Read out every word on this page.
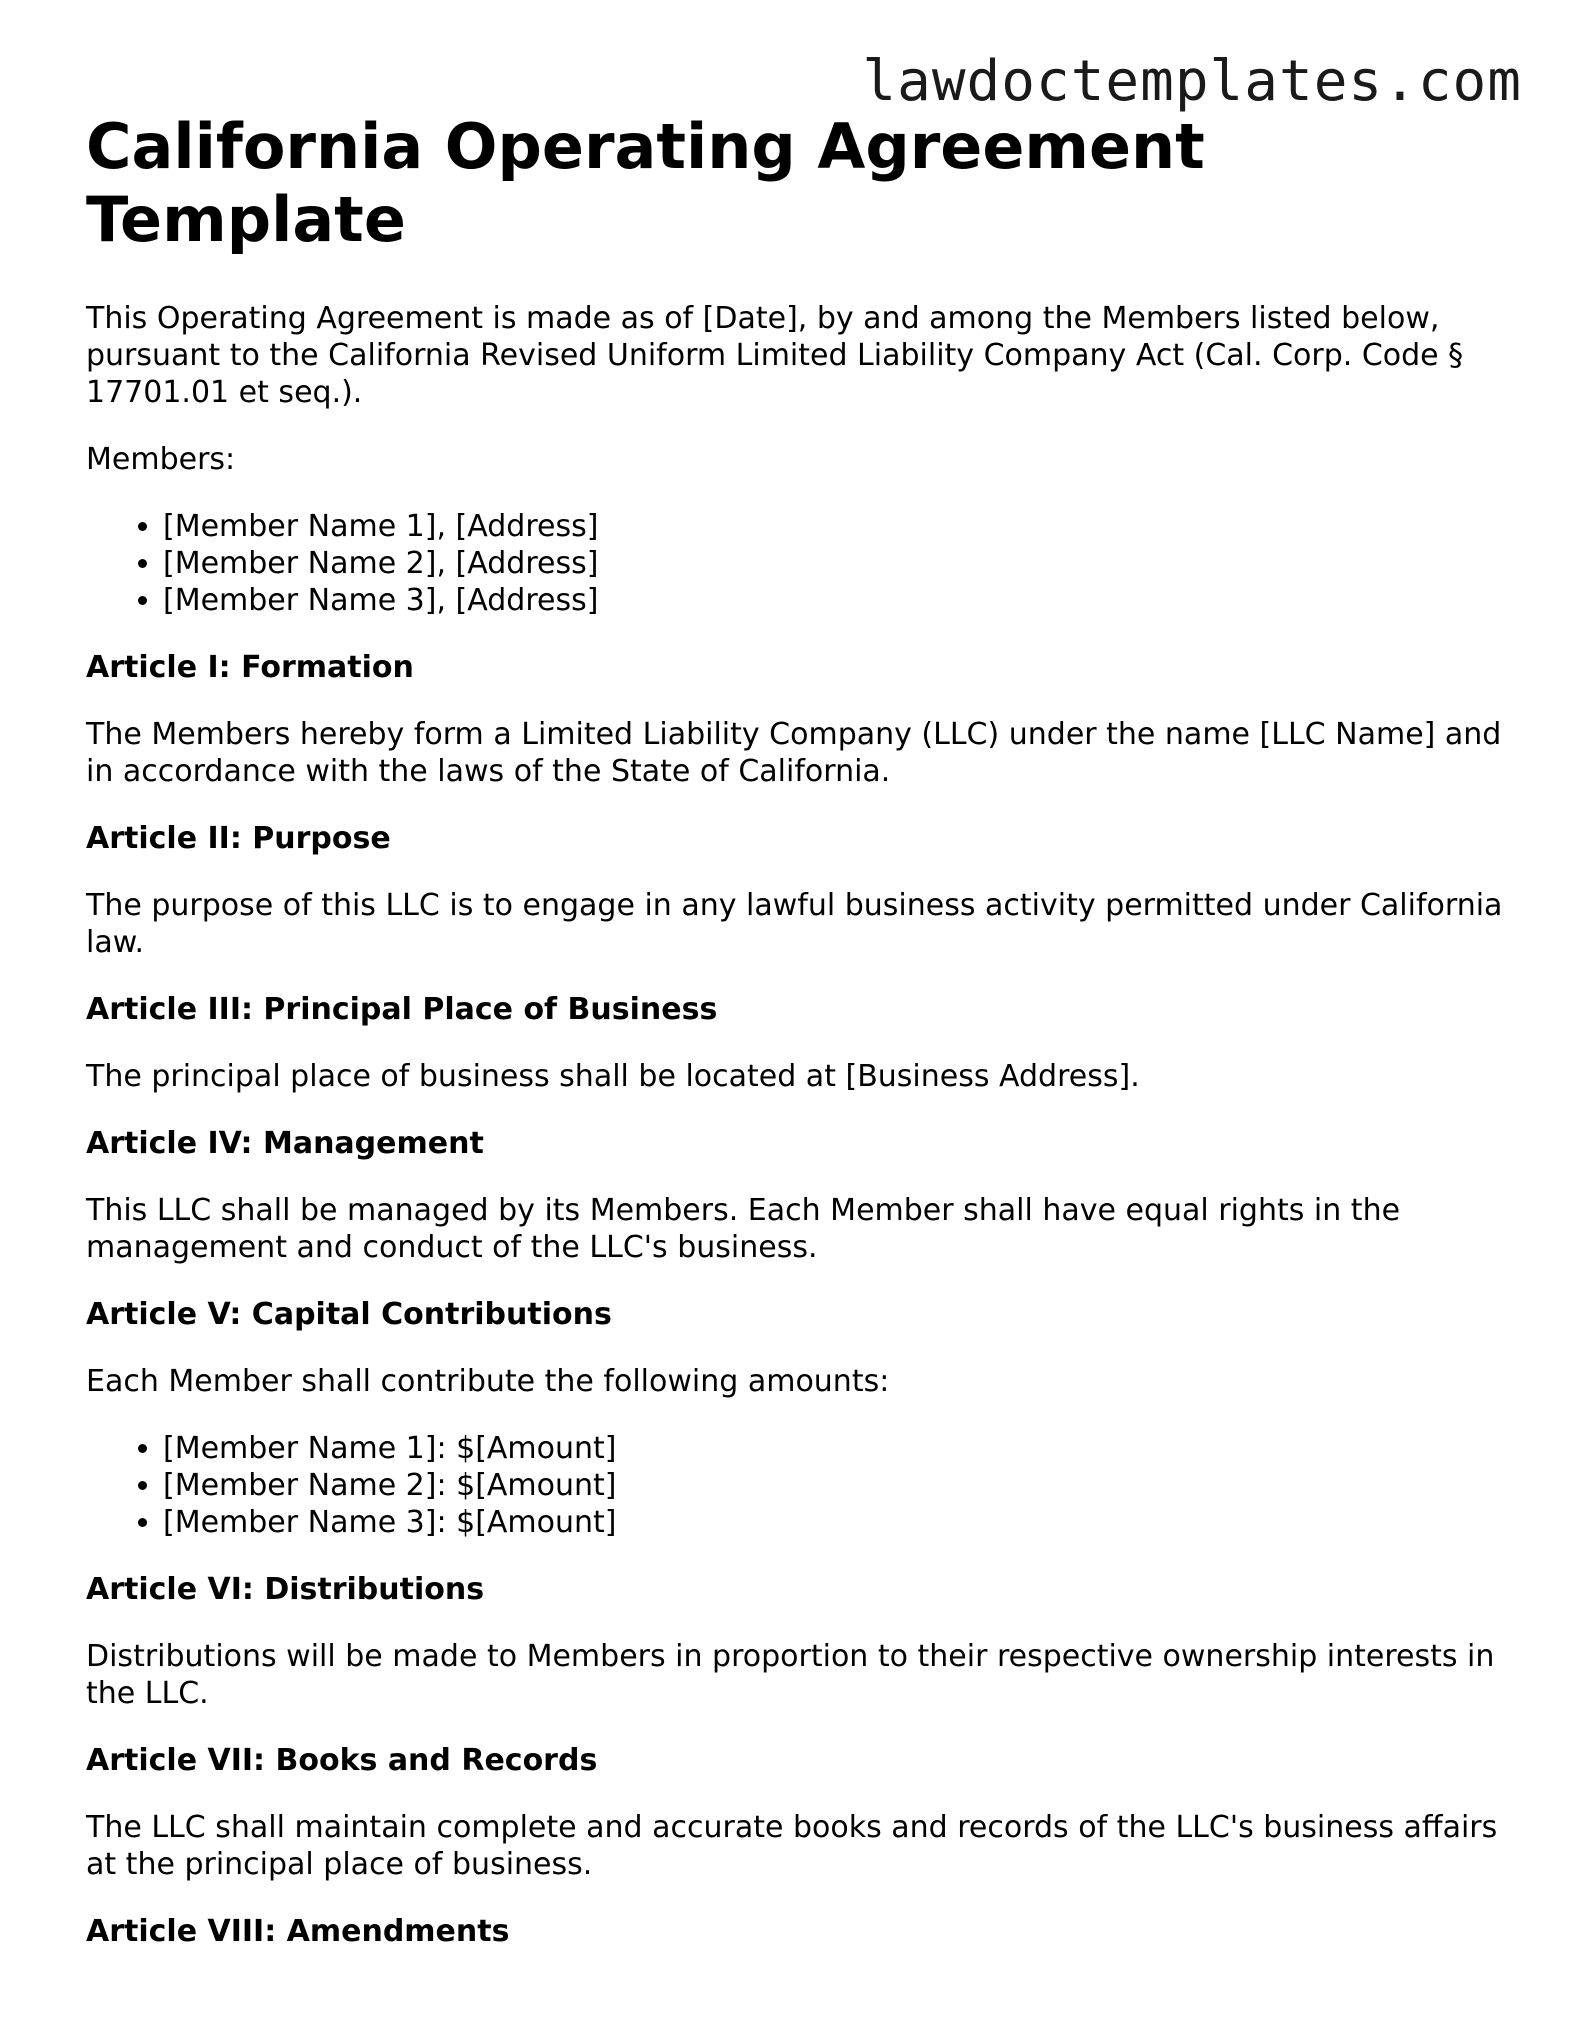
lawdoctemplates.com
California Operating Agreement Template

This Operating Agreement is made as of [Date], by and among the Members listed below, pursuant to the California Revised Uniform Limited Liability Company Act (Cal. Corp. Code § 17701.01 et seq.).

Members:

• [Member Name 1], [Address]
• [Member Name 2], [Address]
• [Member Name 3], [Address]
Article I: Formation

The Members hereby form a Limited Liability Company (LLC) under the name [LLC Name] and in accordance with the laws of the State of California.

Article II: Purpose

The purpose of this LLC is to engage in any lawful business activity permitted under California law.

Article III: Principal Place of Business

The principal place of business shall be located at [Business Address].

Article IV: Management

This LLC shall be managed by its Members. Each Member shall have equal rights in the management and conduct of the LLC's business.

Article V: Capital Contributions

Each Member shall contribute the following amounts:

• [Member Name 1]: $[Amount]
• [Member Name 2]: $[Amount]
• [Member Name 3]: $[Amount]
Article VI: Distributions

Distributions will be made to Members in proportion to their respective ownership interests in the LLC.

Article VII: Books and Records

The LLC shall maintain complete and accurate books and records of the LLC's business affairs at the principal place of business.

Article VIII: Amendments
